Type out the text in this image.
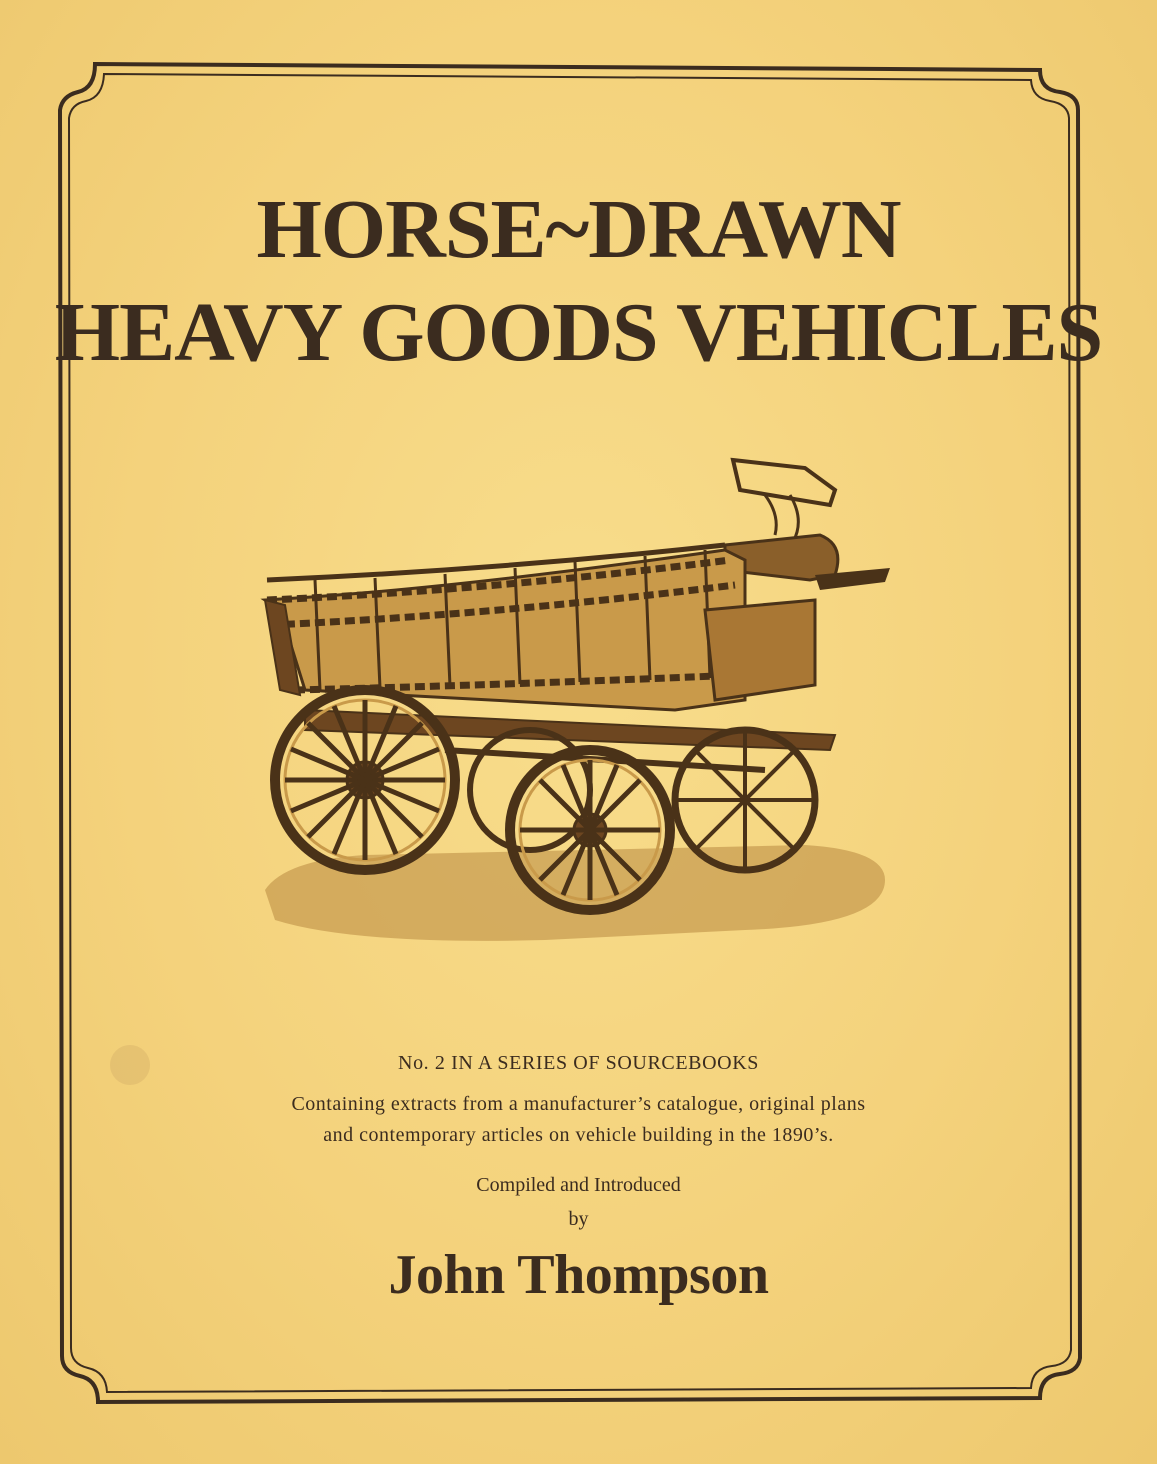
HORSE~DRAWN
HEAVY GOODS VEHICLES
No. 2 IN A SERIES OF SOURCEBOOKS
Containing extracts from a manufacturer’s catalogue, original plans
and contemporary articles on vehicle building in the 1890’s.
Compiled and Introduced
by
John Thompson
